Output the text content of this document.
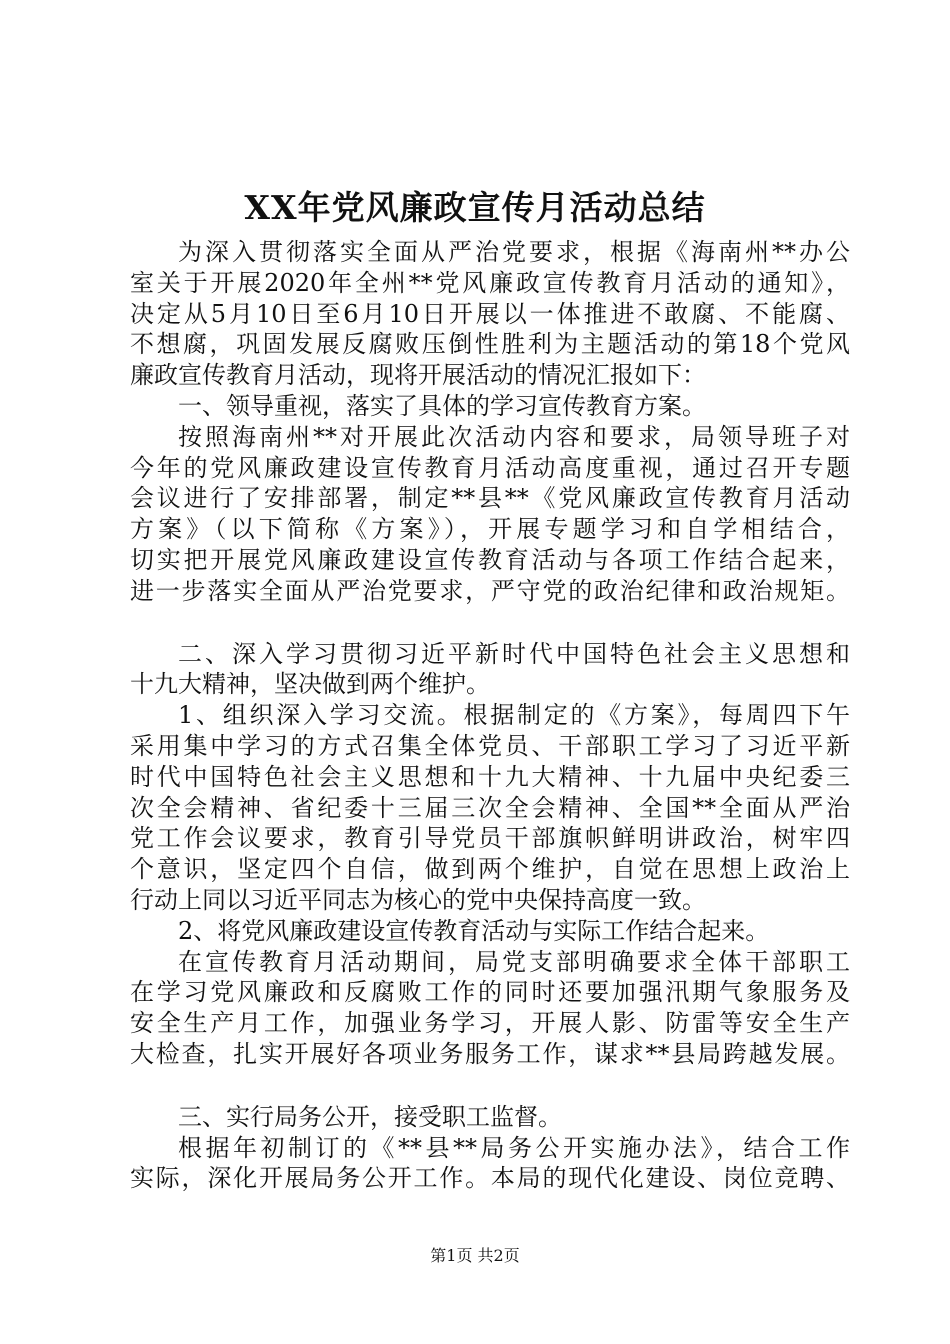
XX年党风廉政宣传月活动总结
为深入贯彻落实全面从严治党要求，根据《海南州**办公
室关于开展2020年全州**党风廉政宣传教育月活动的通知》，
决定从5月10日至6月10日开展以一体推进不敢腐、不能腐、
不想腐，巩固发展反腐败压倒性胜利为主题活动的第18个党风
廉政宣传教育月活动，现将开展活动的情况汇报如下：
一、领导重视，落实了具体的学习宣传教育方案。
按照海南州**对开展此次活动内容和要求，局领导班子对
今年的党风廉政建设宣传教育月活动高度重视，通过召开专题
会议进行了安排部署，制定**县**《党风廉政宣传教育月活动
方案》（以下简称《方案》），开展专题学习和自学相结合，
切实把开展党风廉政建设宣传教育活动与各项工作结合起来，
进一步落实全面从严治党要求，严守党的政治纪律和政治规矩。
二、深入学习贯彻习近平新时代中国特色社会主义思想和
十九大精神，坚决做到两个维护。
1、组织深入学习交流。根据制定的《方案》，每周四下午
采用集中学习的方式召集全体党员、干部职工学习了习近平新
时代中国特色社会主义思想和十九大精神、十九届中央纪委三
次全会精神、省纪委十三届三次全会精神、全国**全面从严治
党工作会议要求，教育引导党员干部旗帜鲜明讲政治，树牢四
个意识，坚定四个自信，做到两个维护，自觉在思想上政治上
行动上同以习近平同志为核心的党中央保持高度一致。
2、将党风廉政建设宣传教育活动与实际工作结合起来。
在宣传教育月活动期间，局党支部明确要求全体干部职工
在学习党风廉政和反腐败工作的同时还要加强汛期气象服务及
安全生产月工作，加强业务学习，开展人影、防雷等安全生产
大检查，扎实开展好各项业务服务工作，谋求**县局跨越发展。
三、实行局务公开，接受职工监督。
根据年初制订的《**县**局务公开实施办法》，结合工作
实际，深化开展局务公开工作。本局的现代化建设、岗位竞聘、
第1页 共2页
